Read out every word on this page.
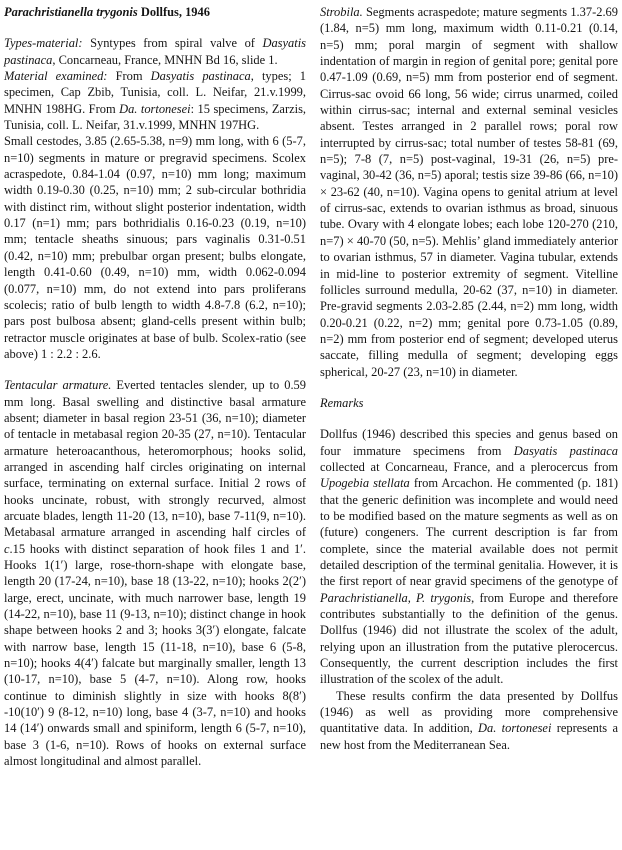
Parachristianella trygonis Dollfus, 1946

Types-material: Syntypes from spiral valve of Dasyatis pastinaca, Concarneau, France, MNHN Bd 16, slide 1.

Material examined: From Dasyatis pastinaca, types; 1 specimen, Cap Zbib, Tunisia, coll. L. Neifar, 21.v.1999, MNHN 198HG. From Da. tortonesei: 15 specimens, Zarzis, Tunisia, coll. L. Neifar, 31.v.1999, MNHN 197HG.

Small cestodes, 3.85 (2.65-5.38, n=9) mm long, with 6 (5-7, n=10) segments in mature or pregravid specimens. Scolex acraspedote, 0.84-1.04 (0.97, n=10) mm long; maximum width 0.19-0.30 (0.25, n=10) mm; 2 sub-circular bothridia with distinct rim, without slight posterior indentation, width 0.17 (n=1) mm; pars bothridialis 0.16-0.23 (0.19, n=10) mm; tentacle sheaths sinuous; pars vaginalis 0.31-0.51 (0.42, n=10) mm; prebulbar organ present; bulbs elongate, length 0.41-0.60 (0.49, n=10) mm, width 0.062-0.094 (0.077, n=10) mm, do not extend into pars proliferans scolecis; ratio of bulb length to width 4.8-7.8 (6.2, n=10); pars post bulbosa absent; gland-cells present within bulb; retractor muscle originates at base of bulb. Scolex-ratio (see above) 1 : 2.2 : 2.6.

Tentacular armature. Everted tentacles slender, up to 0.59 mm long. Basal swelling and distinctive basal armature absent; diameter in basal region 23-51 (36, n=10); diameter of tentacle in metabasal region 20-35 (27, n=10). Tentacular armature heteroacanthous, heteromorphous; hooks solid, arranged in ascending half circles originating on internal surface, terminating on external surface. Initial 2 rows of hooks uncinate, robust, with strongly recurved, almost arcuate blades, length 11-20 (13, n=10), base 7-11(9, n=10). Metabasal armature arranged in ascending half circles of c.15 hooks with distinct separation of hook files 1 and 1′. Hooks 1(1′) large, rose-thorn-shape with elongate base, length 20 (17-24, n=10), base 18 (13-22, n=10); hooks 2(2′) large, erect, uncinate, with much narrower base, length 19 (14-22, n=10), base 11 (9-13, n=10); distinct change in hook shape between hooks 2 and 3; hooks 3(3′) elongate, falcate with narrow base, length 15 (11-18, n=10), base 6 (5-8, n=10); hooks 4(4′) falcate but marginally smaller, length 13 (10-17, n=10), base 5 (4-7, n=10). Along row, hooks continue to diminish slightly in size with hooks 8(8′) -10(10′) 9 (8-12, n=10) long, base 4 (3-7, n=10) and hooks 14 (14′) onwards small and spiniform, length 6 (5-7, n=10), base 3 (1-6, n=10). Rows of hooks on external surface almost longitudinal and almost parallel.

Strobila. Segments acraspedote; mature segments 1.37-2.69 (1.84, n=5) mm long, maximum width 0.11-0.21 (0.14, n=5) mm; poral margin of segment with shallow indentation of margin in region of genital pore; genital pore 0.47-1.09 (0.69, n=5) mm from posterior end of segment. Cirrus-sac ovoid 66 long, 56 wide; cirrus unarmed, coiled within cirrus-sac; internal and external seminal vesicles absent. Testes arranged in 2 parallel rows; poral row interrupted by cirrus-sac; total number of testes 58-81 (69, n=5); 7-8 (7, n=5) post-vaginal, 19-31 (26, n=5) pre-vaginal, 30-42 (36, n=5) aporal; testis size 39-86 (66, n=10) × 23-62 (40, n=10). Vagina opens to genital atrium at level of cirrus-sac, extends to ovarian isthmus as broad, sinuous tube. Ovary with 4 elongate lobes; each lobe 120-270 (210, n=7) × 40-70 (50, n=5). Mehlis’ gland immediately anterior to ovarian isthmus, 57 in diameter. Vagina tubular, extends in mid-line to posterior extremity of segment. Vitelline follicles surround medulla, 20-62 (37, n=10) in diameter. Pre-gravid segments 2.03-2.85 (2.44, n=2) mm long, width 0.20-0.21 (0.22, n=2) mm; genital pore 0.73-1.05 (0.89, n=2) mm from posterior end of segment; developed uterus saccate, filling medulla of segment; developing eggs spherical, 20-27 (23, n=10) in diameter.

Remarks

Dollfus (1946) described this species and genus based on four immature specimens from Dasyatis pastinaca collected at Concarneau, France, and a plerocercus from Upogebia stellata from Arcachon. He commented (p. 181) that the generic definition was incomplete and would need to be modified based on the mature segments as well as on (future) congeners. The current description is far from complete, since the material available does not permit detailed description of the terminal genitalia. However, it is the first report of near gravid specimens of the genotype of Parachristianella, P. trygonis, from Europe and therefore contributes substantially to the definition of the genus. Dollfus (1946) did not illustrate the scolex of the adult, relying upon an illustration from the putative plerocercus. Consequently, the current description includes the first illustration of the scolex of the adult.

These results confirm the data presented by Dollfus (1946) as well as providing more comprehensive quantitative data. In addition, Da. tortonesei represents a new host from the Mediterranean Sea.
